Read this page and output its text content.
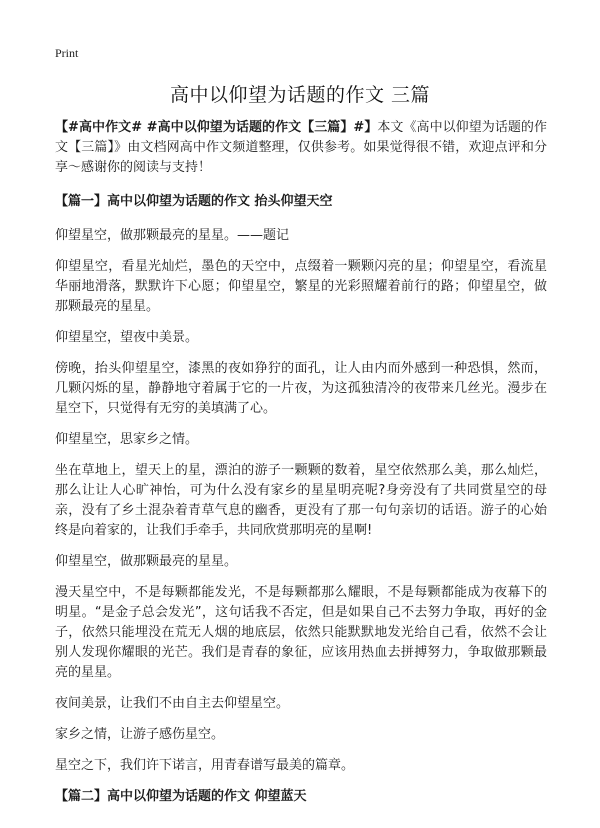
Print
高中以仰望为话题的作文 三篇

【#高中作文# #高中以仰望为话题的作文【三篇】#】本文《高中以仰望为话题的作文【三篇】》由文档网高中作文频道整理，仅供参考。如果觉得很不错，欢迎点评和分享～感谢你的阅读与支持！

【篇一】高中以仰望为话题的作文 抬头仰望天空

仰望星空，做那颗最亮的星星。——题记

仰望星空，看星光灿烂，墨色的天空中，点缀着一颗颗闪亮的星；仰望星空，看流星华丽地滑落，默默许下心愿；仰望星空，繁星的光彩照耀着前行的路；仰望星空，做那颗最亮的星星。

仰望星空，望夜中美景。

傍晚，抬头仰望星空，漆黑的夜如狰狞的面孔，让人由内而外感到一种恐惧，然而，几颗闪烁的星，静静地守着属于它的一片夜，为这孤独清冷的夜带来几丝光。漫步在星空下，只觉得有无穷的美填满了心。

仰望星空，思家乡之情。

坐在草地上，望天上的星，漂泊的游子一颗颗的数着，星空依然那么美，那么灿烂，那么让让人心旷神怡，可为什么没有家乡的星星明亮呢?身旁没有了共同赏星空的母亲，没有了乡土混杂着青草气息的幽香，更没有了那一句句亲切的话语。游子的心始终是向着家的，让我们手牵手，共同欣赏那明亮的星啊!

仰望星空，做那颗最亮的星星。

漫天星空中，不是每颗都能发光，不是每颗都那么耀眼，不是每颗都能成为夜幕下的明星。“是金子总会发光”，这句话我不否定，但是如果自己不去努力争取，再好的金子，依然只能埋没在荒无人烟的地底层，依然只能默默地发光给自己看，依然不会让别人发现你耀眼的光芒。我们是青春的象征，应该用热血去拼搏努力，争取做那颗最亮的星星。

夜间美景，让我们不由自主去仰望星空。

家乡之情，让游子感伤星空。

星空之下，我们许下诺言，用青春谱写最美的篇章。

【篇二】高中以仰望为话题的作文 仰望蓝天
